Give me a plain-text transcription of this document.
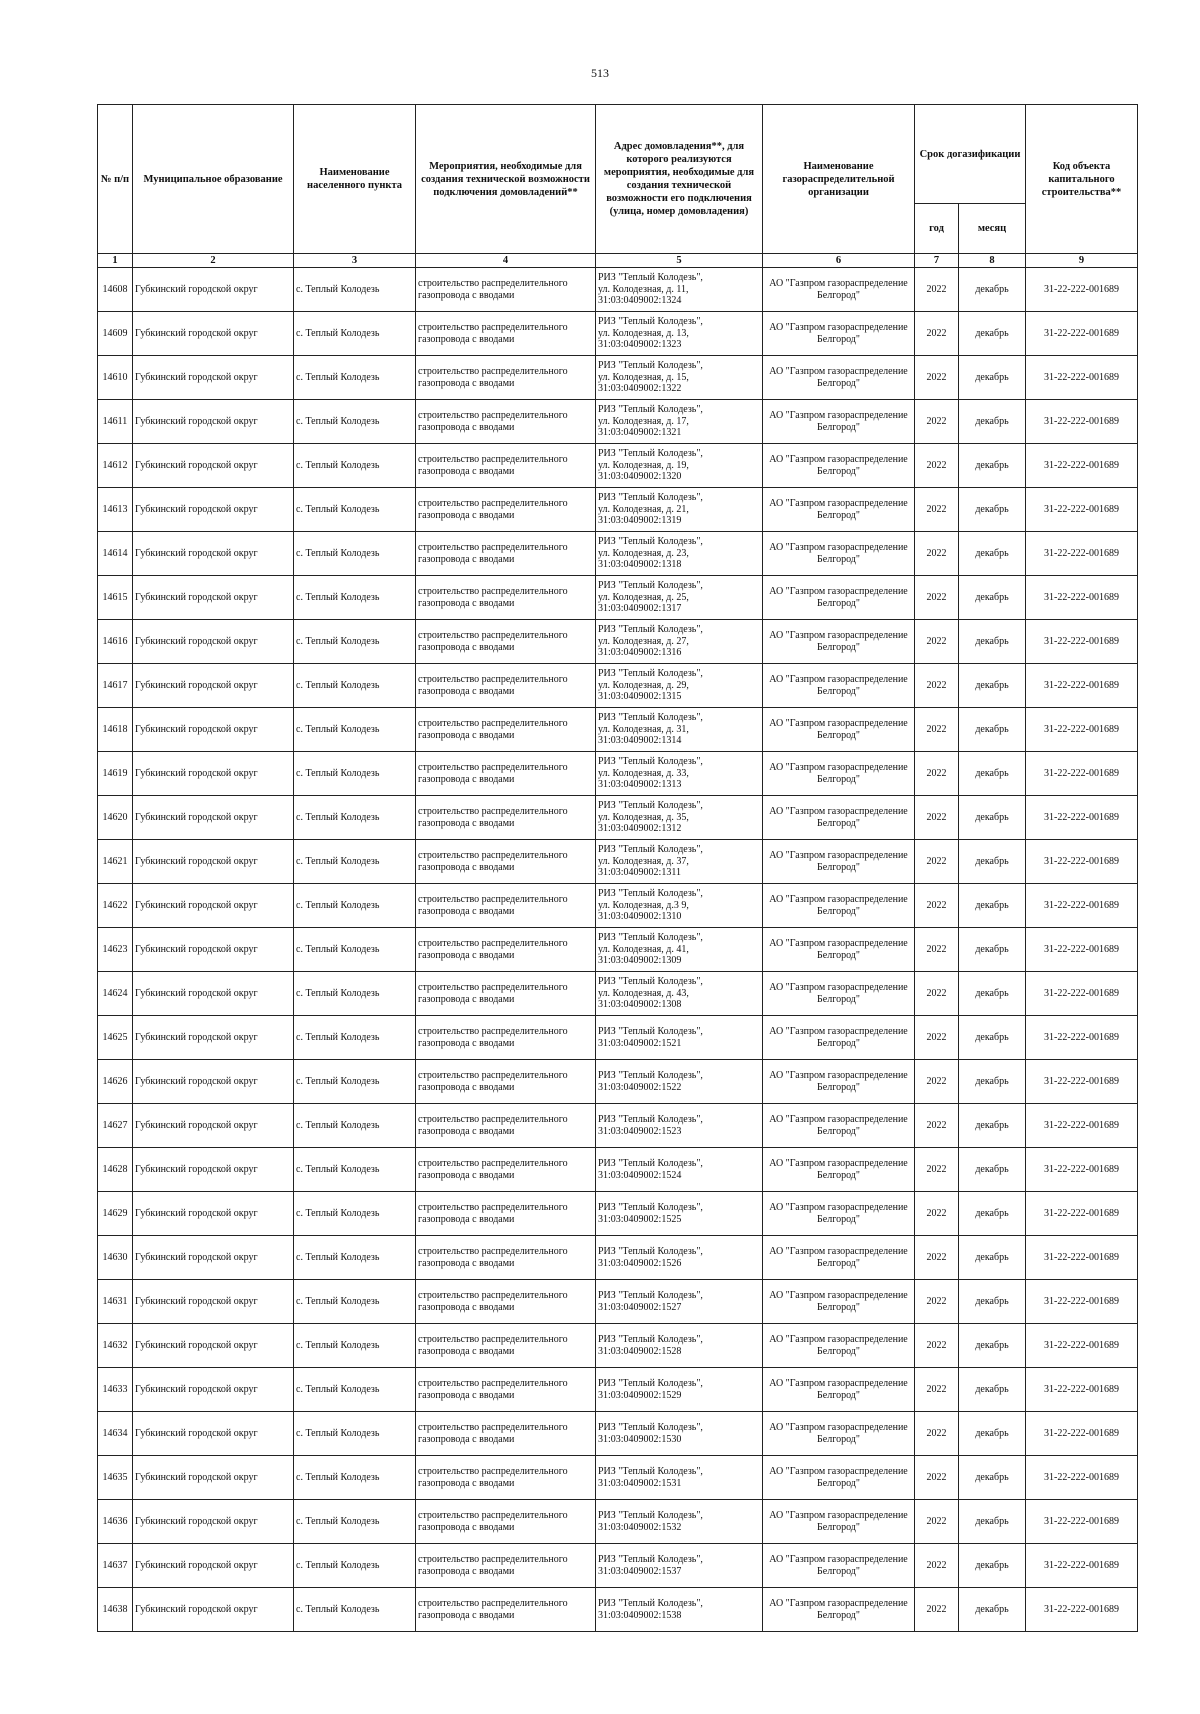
513
№ п/п	Муниципальное образование	Наименование населенного пункта	Мероприятия, необходимые для создания технической возможности подключения домовладений**	Адрес домовладения**, для которого реализуются мероприятия, необходимые для создания технической возможности его подключения (улица, номер домовладения)	Наименование газораспределительной организации	Срок догазификации		Код объекта капитального строительства**
						год	месяц	
1	2	3	4	5	6	7	8	9
14608	Губкинский городской округ	с. Теплый Колодезь	строительство распределительного газопровода с вводами	РИЗ "Теплый Колодезь",
ул. Колодезная, д. 11,
31:03:0409002:1324	АО "Газпром газораспределение Белгород"	2022	декабрь	31-22-222-001689
14609	Губкинский городской округ	с. Теплый Колодезь	строительство распределительного газопровода с вводами	РИЗ "Теплый Колодезь",
ул. Колодезная, д. 13,
31:03:0409002:1323	АО "Газпром газораспределение Белгород"	2022	декабрь	31-22-222-001689
14610	Губкинский городской округ	с. Теплый Колодезь	строительство распределительного газопровода с вводами	РИЗ "Теплый Колодезь",
ул. Колодезная, д. 15,
31:03:0409002:1322	АО "Газпром газораспределение Белгород"	2022	декабрь	31-22-222-001689
14611	Губкинский городской округ	с. Теплый Колодезь	строительство распределительного газопровода с вводами	РИЗ "Теплый Колодезь",
ул. Колодезная, д. 17,
31:03:0409002:1321	АО "Газпром газораспределение Белгород"	2022	декабрь	31-22-222-001689
14612	Губкинский городской округ	с. Теплый Колодезь	строительство распределительного газопровода с вводами	РИЗ "Теплый Колодезь",
ул. Колодезная, д. 19,
31:03:0409002:1320	АО "Газпром газораспределение Белгород"	2022	декабрь	31-22-222-001689
14613	Губкинский городской округ	с. Теплый Колодезь	строительство распределительного газопровода с вводами	РИЗ "Теплый Колодезь",
ул. Колодезная, д. 21,
31:03:0409002:1319	АО "Газпром газораспределение Белгород"	2022	декабрь	31-22-222-001689
14614	Губкинский городской округ	с. Теплый Колодезь	строительство распределительного газопровода с вводами	РИЗ "Теплый Колодезь",
ул. Колодезная, д. 23,
31:03:0409002:1318	АО "Газпром газораспределение Белгород"	2022	декабрь	31-22-222-001689
14615	Губкинский городской округ	с. Теплый Колодезь	строительство распределительного газопровода с вводами	РИЗ "Теплый Колодезь",
ул. Колодезная, д. 25,
31:03:0409002:1317	АО "Газпром газораспределение Белгород"	2022	декабрь	31-22-222-001689
14616	Губкинский городской округ	с. Теплый Колодезь	строительство распределительного газопровода с вводами	РИЗ "Теплый Колодезь",
ул. Колодезная, д. 27,
31:03:0409002:1316	АО "Газпром газораспределение Белгород"	2022	декабрь	31-22-222-001689
14617	Губкинский городской округ	с. Теплый Колодезь	строительство распределительного газопровода с вводами	РИЗ "Теплый Колодезь",
ул. Колодезная, д. 29,
31:03:0409002:1315	АО "Газпром газораспределение Белгород"	2022	декабрь	31-22-222-001689
14618	Губкинский городской округ	с. Теплый Колодезь	строительство распределительного газопровода с вводами	РИЗ "Теплый Колодезь",
ул. Колодезная, д. 31,
31:03:0409002:1314	АО "Газпром газораспределение Белгород"	2022	декабрь	31-22-222-001689
14619	Губкинский городской округ	с. Теплый Колодезь	строительство распределительного газопровода с вводами	РИЗ "Теплый Колодезь",
ул. Колодезная, д. 33,
31:03:0409002:1313	АО "Газпром газораспределение Белгород"	2022	декабрь	31-22-222-001689
14620	Губкинский городской округ	с. Теплый Колодезь	строительство распределительного газопровода с вводами	РИЗ "Теплый Колодезь",
ул. Колодезная, д. 35,
31:03:0409002:1312	АО "Газпром газораспределение Белгород"	2022	декабрь	31-22-222-001689
14621	Губкинский городской округ	с. Теплый Колодезь	строительство распределительного газопровода с вводами	РИЗ "Теплый Колодезь",
ул. Колодезная, д. 37,
31:03:0409002:1311	АО "Газпром газораспределение Белгород"	2022	декабрь	31-22-222-001689
14622	Губкинский городской округ	с. Теплый Колодезь	строительство распределительного газопровода с вводами	РИЗ "Теплый Колодезь",
ул. Колодезная, д.3 9,
31:03:0409002:1310	АО "Газпром газораспределение Белгород"	2022	декабрь	31-22-222-001689
14623	Губкинский городской округ	с. Теплый Колодезь	строительство распределительного газопровода с вводами	РИЗ "Теплый Колодезь",
ул. Колодезная, д. 41,
31:03:0409002:1309	АО "Газпром газораспределение Белгород"	2022	декабрь	31-22-222-001689
14624	Губкинский городской округ	с. Теплый Колодезь	строительство распределительного газопровода с вводами	РИЗ "Теплый Колодезь",
ул. Колодезная, д. 43,
31:03:0409002:1308	АО "Газпром газораспределение Белгород"	2022	декабрь	31-22-222-001689
14625	Губкинский городской округ	с. Теплый Колодезь	строительство распределительного газопровода с вводами	РИЗ "Теплый Колодезь",
31:03:0409002:1521	АО "Газпром газораспределение Белгород"	2022	декабрь	31-22-222-001689
14626	Губкинский городской округ	с. Теплый Колодезь	строительство распределительного газопровода с вводами	РИЗ "Теплый Колодезь",
31:03:0409002:1522	АО "Газпром газораспределение Белгород"	2022	декабрь	31-22-222-001689
14627	Губкинский городской округ	с. Теплый Колодезь	строительство распределительного газопровода с вводами	РИЗ "Теплый Колодезь",
31:03:0409002:1523	АО "Газпром газораспределение Белгород"	2022	декабрь	31-22-222-001689
14628	Губкинский городской округ	с. Теплый Колодезь	строительство распределительного газопровода с вводами	РИЗ "Теплый Колодезь",
31:03:0409002:1524	АО "Газпром газораспределение Белгород"	2022	декабрь	31-22-222-001689
14629	Губкинский городской округ	с. Теплый Колодезь	строительство распределительного газопровода с вводами	РИЗ "Теплый Колодезь",
31:03:0409002:1525	АО "Газпром газораспределение Белгород"	2022	декабрь	31-22-222-001689
14630	Губкинский городской округ	с. Теплый Колодезь	строительство распределительного газопровода с вводами	РИЗ "Теплый Колодезь",
31:03:0409002:1526	АО "Газпром газораспределение Белгород"	2022	декабрь	31-22-222-001689
14631	Губкинский городской округ	с. Теплый Колодезь	строительство распределительного газопровода с вводами	РИЗ "Теплый Колодезь",
31:03:0409002:1527	АО "Газпром газораспределение Белгород"	2022	декабрь	31-22-222-001689
14632	Губкинский городской округ	с. Теплый Колодезь	строительство распределительного газопровода с вводами	РИЗ "Теплый Колодезь",
31:03:0409002:1528	АО "Газпром газораспределение Белгород"	2022	декабрь	31-22-222-001689
14633	Губкинский городской округ	с. Теплый Колодезь	строительство распределительного газопровода с вводами	РИЗ "Теплый Колодезь",
31:03:0409002:1529	АО "Газпром газораспределение Белгород"	2022	декабрь	31-22-222-001689
14634	Губкинский городской округ	с. Теплый Колодезь	строительство распределительного газопровода с вводами	РИЗ "Теплый Колодезь",
31:03:0409002:1530	АО "Газпром газораспределение Белгород"	2022	декабрь	31-22-222-001689
14635	Губкинский городской округ	с. Теплый Колодезь	строительство распределительного газопровода с вводами	РИЗ "Теплый Колодезь",
31:03:0409002:1531	АО "Газпром газораспределение Белгород"	2022	декабрь	31-22-222-001689
14636	Губкинский городской округ	с. Теплый Колодезь	строительство распределительного газопровода с вводами	РИЗ "Теплый Колодезь",
31:03:0409002:1532	АО "Газпром газораспределение Белгород"	2022	декабрь	31-22-222-001689
14637	Губкинский городской округ	с. Теплый Колодезь	строительство распределительного газопровода с вводами	РИЗ "Теплый Колодезь",
31:03:0409002:1537	АО "Газпром газораспределение Белгород"	2022	декабрь	31-22-222-001689
14638	Губкинский городской округ	с. Теплый Колодезь	строительство распределительного газопровода с вводами	РИЗ "Теплый Колодезь",
31:03:0409002:1538	АО "Газпром газораспределение Белгород"	2022	декабрь	31-22-222-001689
